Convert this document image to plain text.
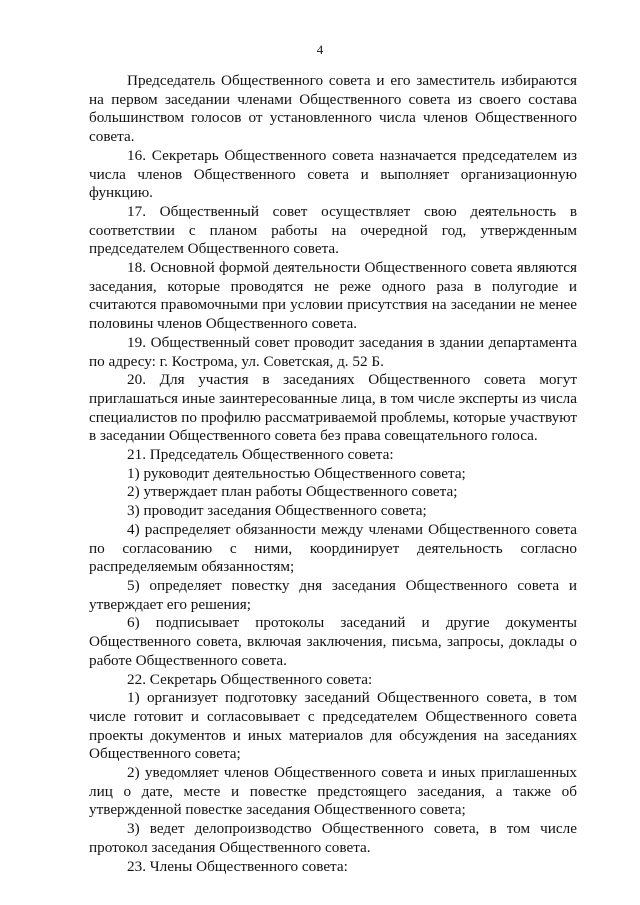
4

Председатель Общественного совета и его заместитель избираются на первом заседании членами Общественного совета из своего состава большинством голосов от установленного числа членов Общественного совета.

16. Секретарь Общественного совета назначается председателем из числа членов Общественного совета и выполняет организационную функцию.

17. Общественный совет осуществляет свою деятельность в соответствии с планом работы на очередной год, утвержденным председателем Общественного совета.

18. Основной формой деятельности Общественного совета являются заседания, которые проводятся не реже одного раза в полугодие и считаются правомочными при условии присутствия на заседании не менее половины членов Общественного совета.

19. Общественный совет проводит заседания в здании департамента по адресу: г. Кострома, ул. Советская, д. 52 Б.

20. Для участия в заседаниях Общественного совета могут приглашаться иные заинтересованные лица, в том числе эксперты из числа специалистов по профилю рассматриваемой проблемы, которые участвуют в заседании Общественного совета без права совещательного голоса.

21. Председатель Общественного совета:

1) руководит деятельностью Общественного совета;

2) утверждает план работы Общественного совета;

3) проводит заседания Общественного совета;

4) распределяет обязанности между членами Общественного совета по согласованию с ними, координирует деятельность согласно распределяемым обязанностям;

5) определяет повестку дня заседания Общественного совета и утверждает его решения;

6) подписывает протоколы заседаний и другие документы Общественного совета, включая заключения, письма, запросы, доклады о работе Общественного совета.

22. Секретарь Общественного совета:

1) организует подготовку заседаний Общественного совета, в том числе готовит и согласовывает с председателем Общественного совета проекты документов и иных материалов для обсуждения на заседаниях Общественного совета;

2) уведомляет членов Общественного совета и иных приглашенных лиц о дате, месте и повестке предстоящего заседания, а также об утвержденной повестке заседания Общественного совета;

3) ведет делопроизводство Общественного совета, в том числе протокол заседания Общественного совета.

23. Члены Общественного совета:
